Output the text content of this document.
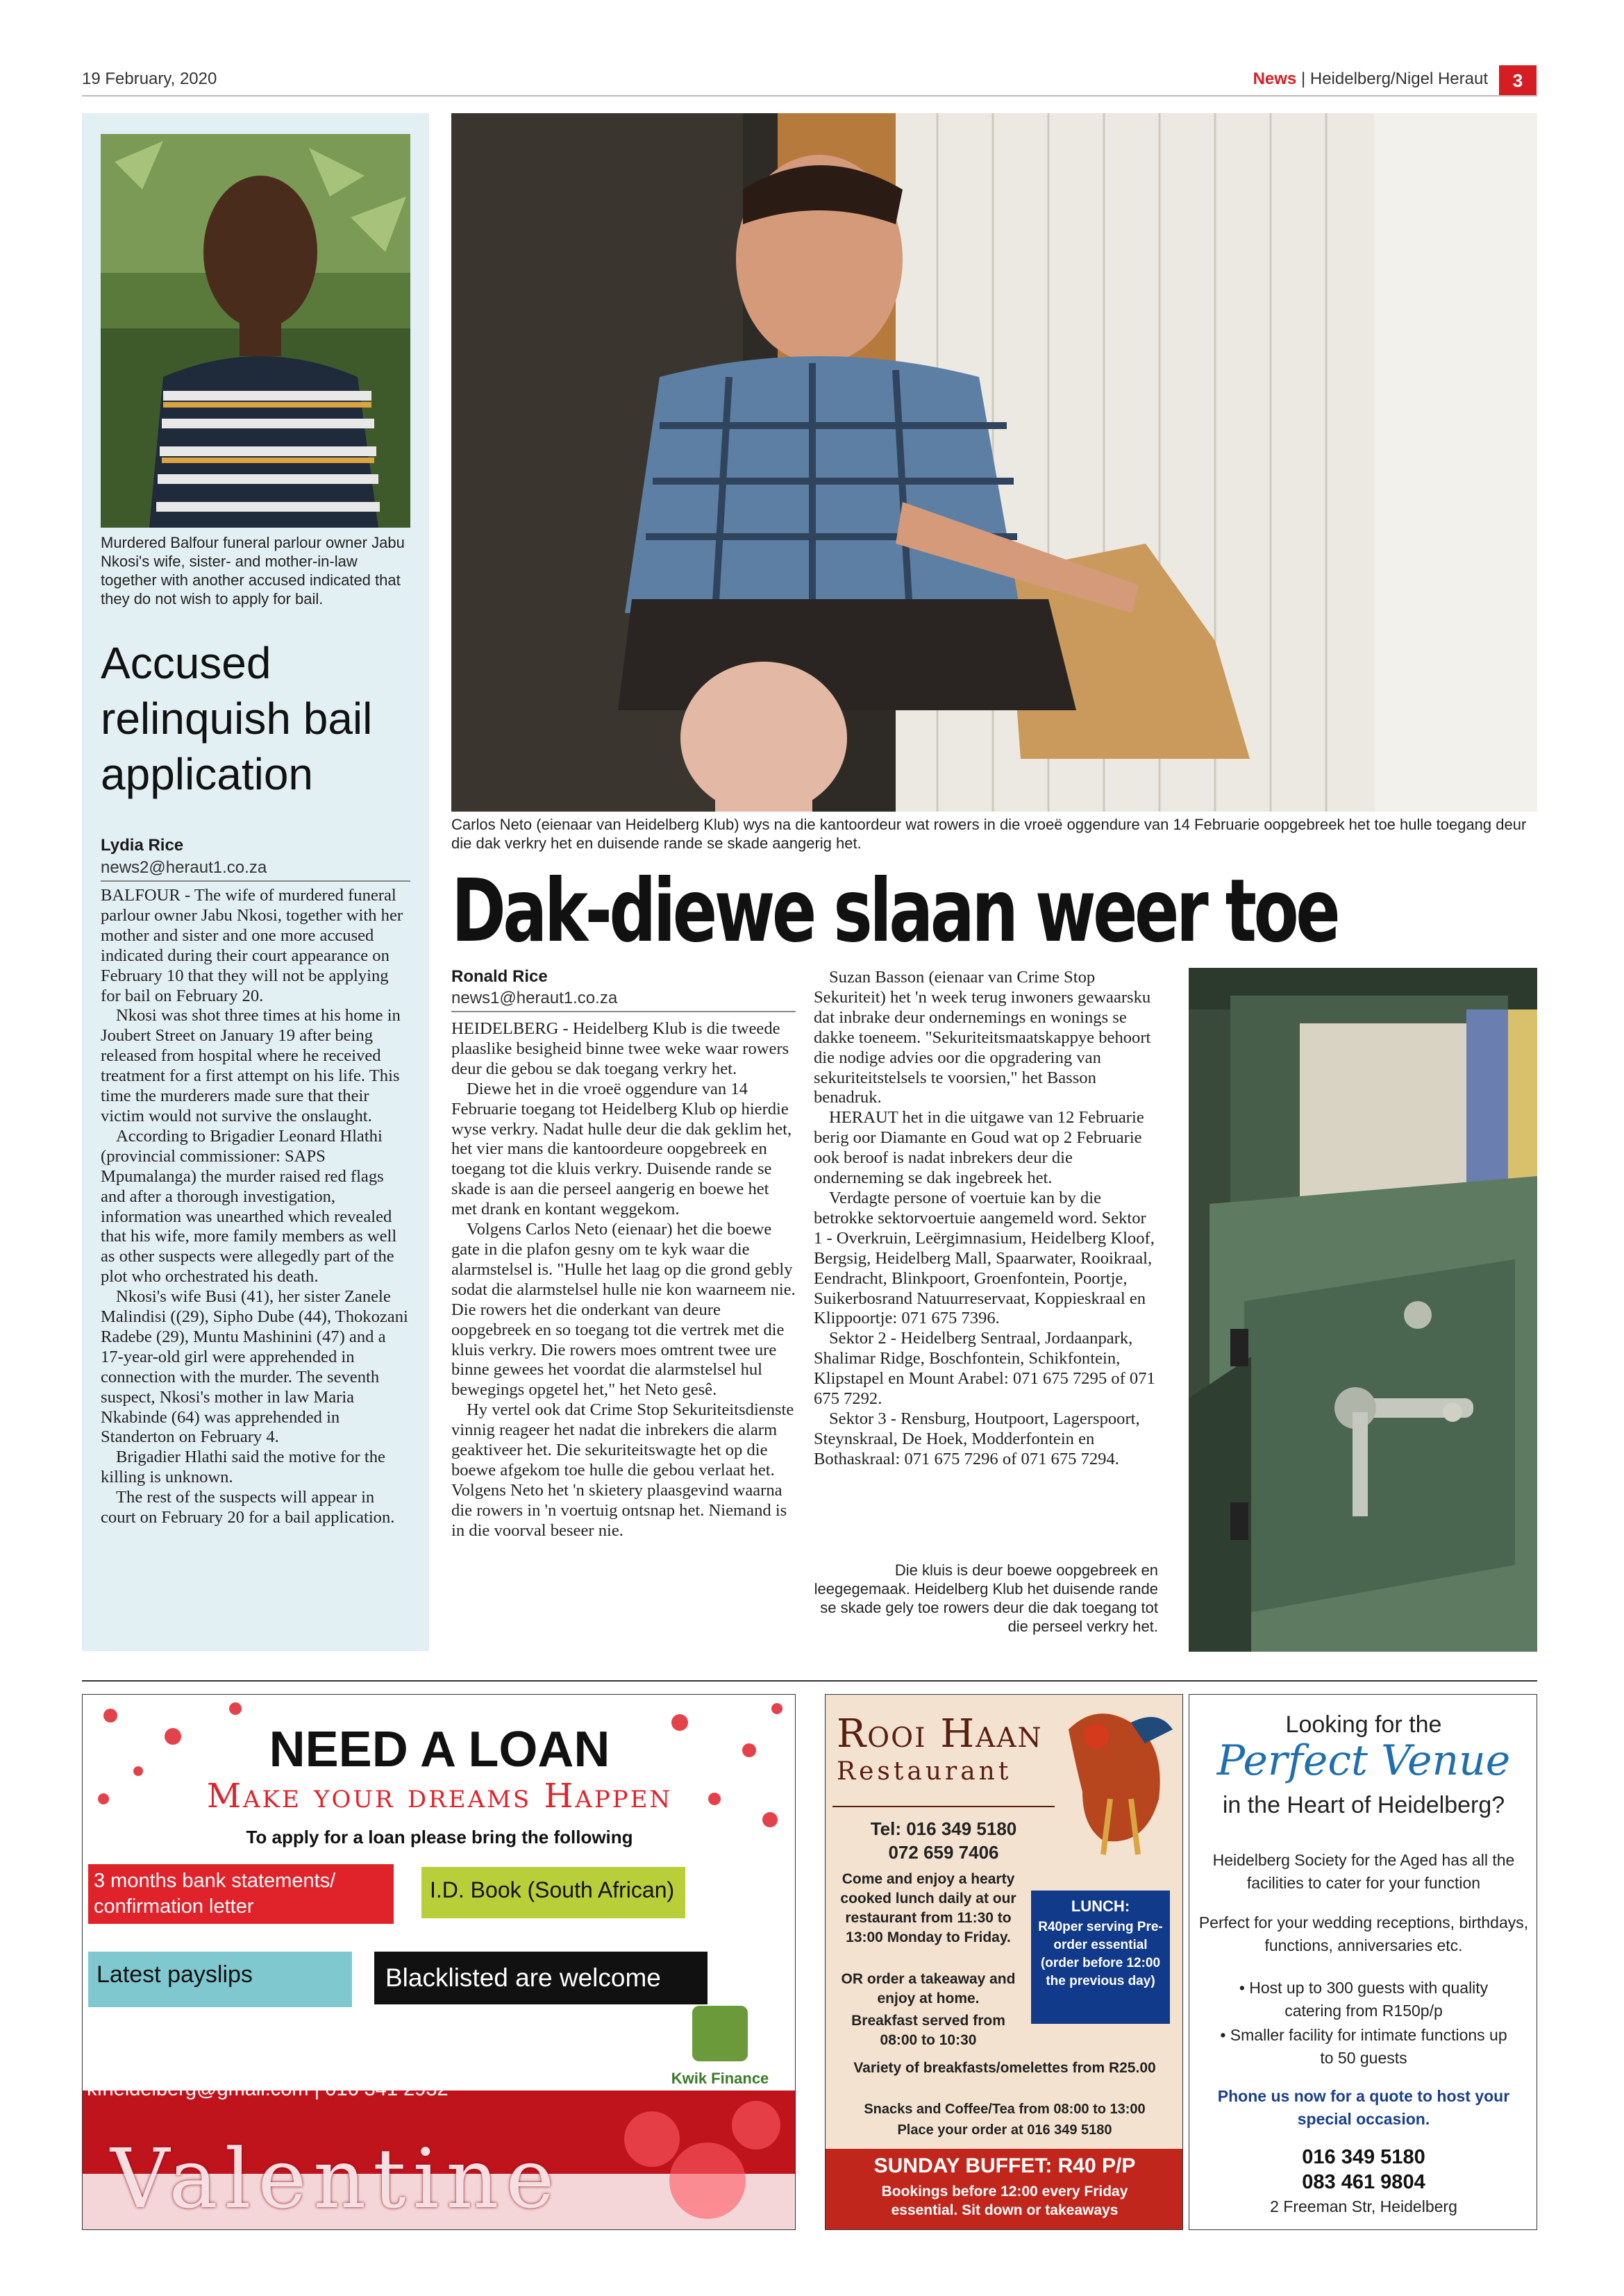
19 February, 2020	News | Heidelberg/Nigel Heraut	3
Murdered Balfour funeral parlour owner Jabu Nkosi's wife, sister- and mother-in-law together with another accused indicated that they do not wish to apply for bail.
Accused relinquish bail application
Lydia Rice
news2@heraut1.co.za

BALFOUR - The wife of murdered funeral parlour owner Jabu Nkosi, together with her mother and sister and one more accused indicated during their court appearance on February 10 that they will not be applying for bail on February 20.

Nkosi was shot three times at his home in Joubert Street on January 19 after being released from hospital where he received treatment for a first attempt on his life. This time the murderers made sure that their victim would not survive the onslaught.

According to Brigadier Leonard Hlathi (provincial commissioner: SAPS Mpumalanga) the murder raised red flags and after a thorough investigation, information was unearthed which revealed that his wife, more family members as well as other suspects were allegedly part of the plot who orchestrated his death.

Nkosi's wife Busi (41), her sister Zanele Malindisi ((29), Sipho Dube (44), Thokozani Radebe (29), Muntu Mashinini (47) and a 17-year-old girl were apprehended in connection with the murder. The seventh suspect, Nkosi's mother in law Maria Nkabinde (64) was apprehended in Standerton on February 4.

Brigadier Hlathi said the motive for the killing is unknown.

The rest of the suspects will appear in court on February 20 for a bail application.

Carlos Neto (eienaar van Heidelberg Klub) wys na die kantoordeur wat rowers in die vroeë oggendure van 14 Februarie oopgebreek het toe hulle toegang deur die dak verkry het en duisende rande se skade aangerig het.
Dak-diewe slaan weer toe
Ronald Rice
news1@heraut1.co.za

HEIDELBERG - Heidelberg Klub is die tweede plaaslike besigheid binne twee weke waar rowers deur die gebou se dak toegang verkry het.

Diewe het in die vroeë oggendure van 14 Februarie toegang tot Heidelberg Klub op hierdie wyse verkry. Nadat hulle deur die dak geklim het, het vier mans die kantoordeure oopgebreek en toegang tot die kluis verkry. Duisende rande se skade is aan die perseel aangerig en boewe het met drank en kontant weggekom.

Volgens Carlos Neto (eienaar) het die boewe gate in die plafon gesny om te kyk waar die alarmstelsel is. "Hulle het laag op die grond gebly sodat die alarmstelsel hulle nie kon waarneem nie. Die rowers het die onderkant van deure oopgebreek en so toegang tot die vertrek met die kluis verkry. Die rowers moes omtrent twee ure binne gewees het voordat die alarmstelsel hul bewegings opgetel het," het Neto gesê.

Hy vertel ook dat Crime Stop Sekuriteitsdienste vinnig reageer het nadat die inbrekers die alarm geaktiveer het. Die sekuriteitswagte het op die boewe afgekom toe hulle die gebou verlaat het. Volgens Neto het 'n skietery plaasgevind waarna die rowers in 'n voertuig ontsnap het. Niemand is in die voorval beseer nie.

Suzan Basson (eienaar van Crime Stop Sekuriteit) het 'n week terug inwoners gewaarsku dat inbrake deur ondernemings en wonings se dakke toeneem. "Sekuriteitsmaatskappye behoort die nodige advies oor die opgradering van sekuriteitstelsels te voorsien," het Basson benadruk.

HERAUT het in die uitgawe van 12 Februarie berig oor Diamante en Goud wat op 2 Februarie ook beroof is nadat inbrekers deur die onderneming se dak ingebreek het.

Verdagte persone of voertuie kan by die betrokke sektorvoertuie aangemeld word. Sektor 1 - Overkruin, Leërgimnasium, Heidelberg Kloof, Bergsig, Heidelberg Mall, Spaarwater, Rooikraal, Eendracht, Blinkpoort, Groenfontein, Poortje, Suikerbosrand Natuurreservaat, Koppieskraal en Klippoortje: 071 675 7396.

Sektor 2 - Heidelberg Sentraal, Jordaanpark, Shalimar Ridge, Boschfontein, Schikfontein, Klipstapel en Mount Arabel: 071 675 7295 of 071 675 7292.

Sektor 3 - Rensburg, Houtpoort, Lagerspoort, Steynskraal, De Hoek, Modderfontein en Bothaskraal: 071 675 7296 of 071 675 7294.

Die kluis is deur boewe oopgebreek en leegegemaak. Heidelberg Klub het duisende rande se skade gely toe rowers deur die dak toegang tot die perseel verkry het.
NEED A LOAN
Make your dreams Happen
To apply for a loan please bring the following
3 months bank statements/ confirmation letter
I.D. Book (South African)
Latest payslips	Blacklisted are welcome
Cnr Merz & Voortrekker, Shop 2 (Next to Spar) Heidelberg
kfheidelberg@gmail.com | 016 341 2932	Kwik Finance
Valentine
Rooi Haan
Restaurant
Tel: 016 349 5180
072 659 7406
Come and enjoy a hearty cooked lunch daily at our restaurant from 11:30 to 13:00 Monday to Friday.
OR order a takeaway and enjoy at home.
Breakfast served from 08:00 to 10:30
LUNCH:
R40per serving Pre-order essential (order before 12:00 the previous day)
Variety of breakfasts/omelettes from R25.00
Snacks and Coffee/Tea from 08:00 to 13:00
Place your order at 016 349 5180
SUNDAY BUFFET: R40 P/P
Bookings before 12:00 every Friday essential. Sit down or takeaways
Looking for the
Perfect Venue
in the Heart of Heidelberg?
Heidelberg Society for the Aged has all the facilities to cater for your function
Perfect for your wedding receptions, birthdays, functions, anniversaries etc.
• Host up to 300 guests with quality catering from R150p/p
• Smaller facility for intimate functions up to 50 guests
Phone us now for a quote to host your special occasion.
016 349 5180
083 461 9804
2 Freeman Str, Heidelberg
